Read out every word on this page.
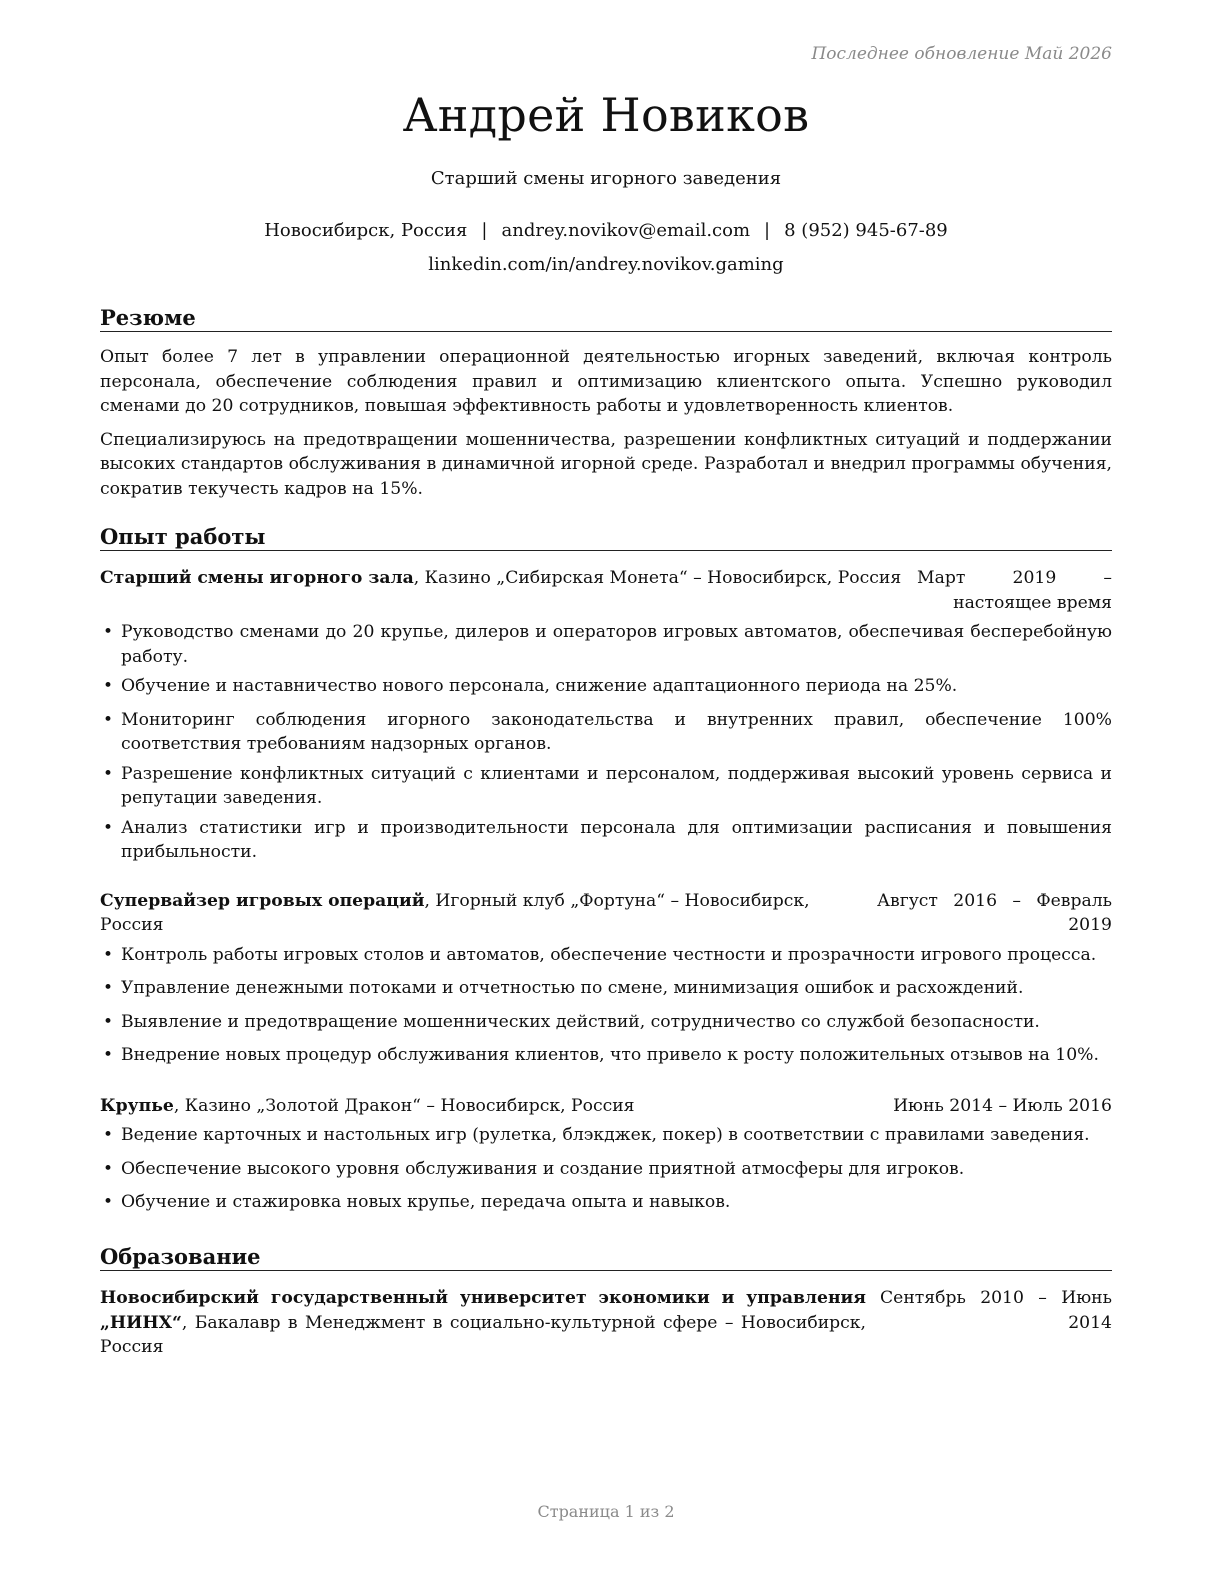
Последнее обновление Май 2026
Андрей Новиков
Старший смены игорного заведения
Новосибирск, Россия | andrey.novikov@email.com | 8 (952) 945-67-89
linkedin.com/in/andrey.novikov.gaming
Резюме

Опыт более 7 лет в управлении операционной деятельностью игорных заведений, включая контроль персонала, обеспечение соблюдения правил и оптимизацию клиентского опыта. Успешно руководил сменами до 20 сотрудников, повышая эффективность работы и удовлетворенность клиентов.

Специализируюсь на предотвращении мошенничества, разрешении конфликтных ситуаций и поддержании высоких стандартов обслуживания в динамичной игорной среде. Разработал и внедрил программы обучения, сократив текучесть кадров на 15%.

Опыт работы
Старший смены игорного зала, Казино „Сибирская Монета“ – Новосибирск, Россия Март 2019 – настоящее время
• Руководство сменами до 20 крупье, дилеров и операторов игровых автоматов, обеспечивая бесперебойную работу.
• Обучение и наставничество нового персонала, снижение адаптационного периода на 25%.
• Мониторинг соблюдения игорного законодательства и внутренних правил, обеспечение 100% соответствия требованиям надзорных органов.
• Разрешение конфликтных ситуаций с клиентами и персоналом, поддерживая высокий уровень сервиса и репутации заведения.
• Анализ статистики игр и производительности персонала для оптимизации расписания и повышения прибыльности.
Супервайзер игровых операций, Игорный клуб „Фортуна“ – Новосибирск, Россия
Август 2016 – Февраль 2019
• Контроль работы игровых столов и автоматов, обеспечение честности и прозрачности игрового процесса.
• Управление денежными потоками и отчетностью по смене, минимизация ошибок и расхождений.
• Выявление и предотвращение мошеннических действий, сотрудничество со службой безопасности.
• Внедрение новых процедур обслуживания клиентов, что привело к росту положительных отзывов на 10%.
Крупье, Казино „Золотой Дракон“ – Новосибирск, Россия	Июнь 2014 – Июль 2016
• Ведение карточных и настольных игр (рулетка, блэкджек, покер) в соответствии с правилами заведения.
• Обеспечение высокого уровня обслуживания и создание приятной атмосферы для игроков.
• Обучение и стажировка новых крупье, передача опыта и навыков.
Образование
Новосибирский государственный университет экономики и управления „НИНХ“, Бакалавр в Менеджмент в социально-культурной сфере – Новосибирск, Россия
Сентябрь 2010 – Июнь 2014
Страница 1 из 2
